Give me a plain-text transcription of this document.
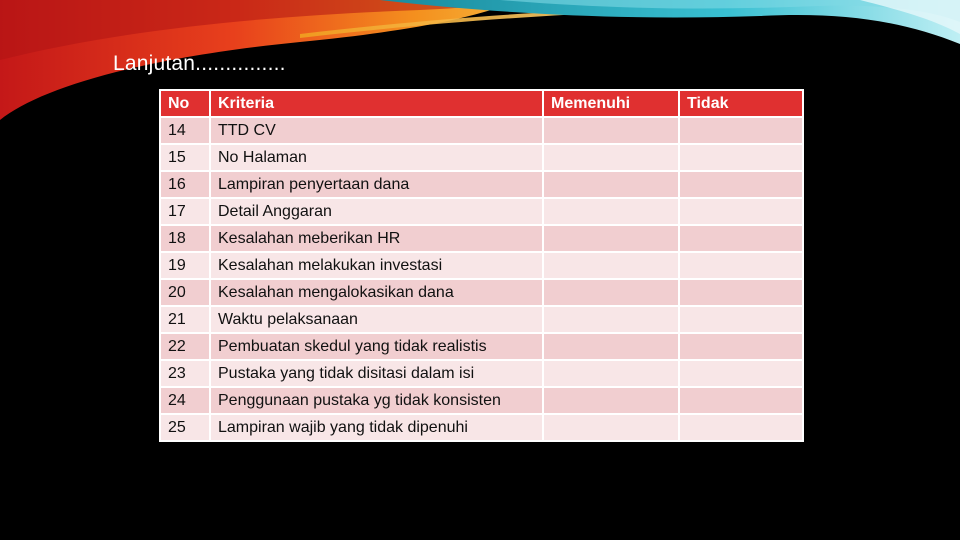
Lanjutan...............
No	Kriteria	Memenuhi	Tidak
14	TTD CV		
15	No Halaman		
16	Lampiran penyertaan dana		
17	Detail Anggaran		
18	Kesalahan meberikan HR		
19	Kesalahan melakukan investasi		
20	Kesalahan mengalokasikan dana		
21	Waktu pelaksanaan		
22	Pembuatan skedul yang tidak realistis		
23	Pustaka yang tidak disitasi dalam isi		
24	Penggunaan pustaka yg tidak konsisten		
25	Lampiran wajib yang tidak dipenuhi		
